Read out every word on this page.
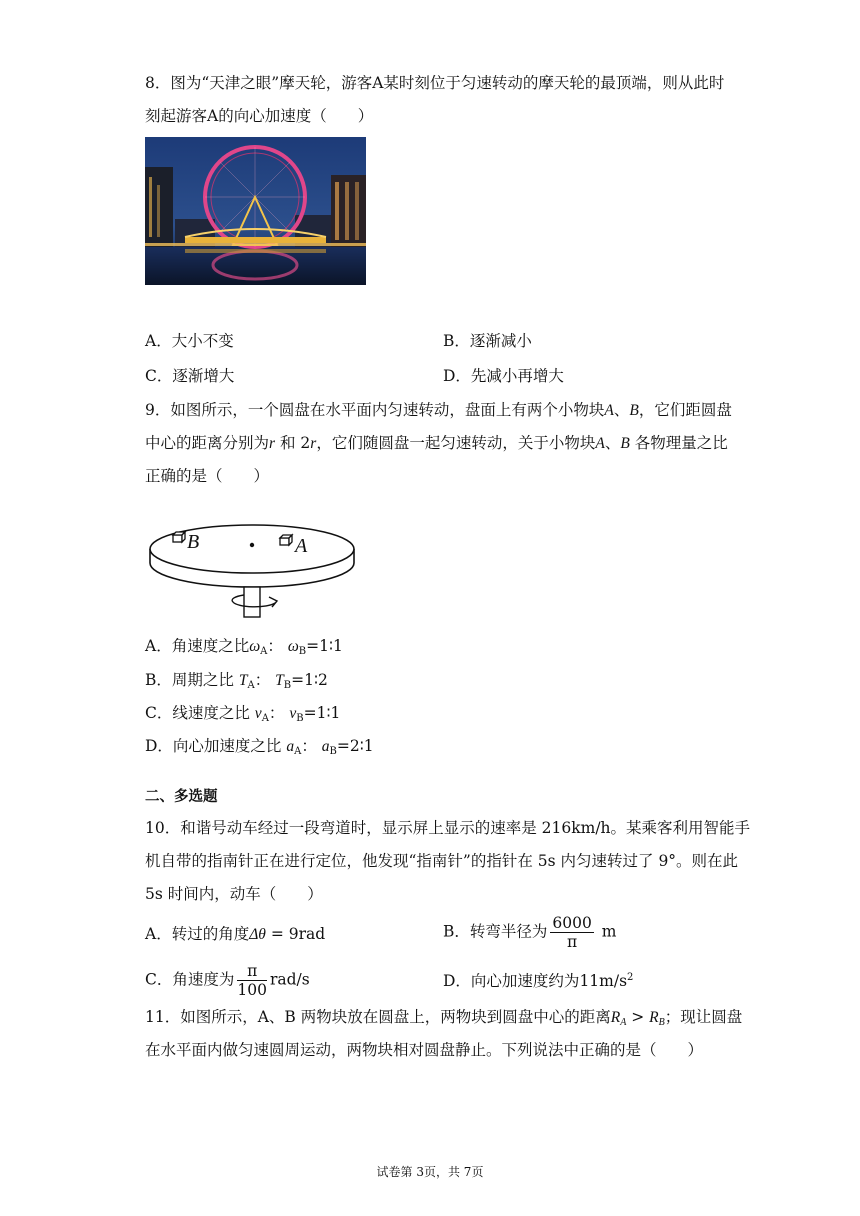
8．图为“天津之眼”摩天轮，游客A某时刻位于匀速转动的摩天轮的最顶端，则从此时
刻起游客A的向心加速度（　　）
A．大小不变	B．逐渐减小
C．逐渐增大	D．先减小再增大
9．如图所示，一个圆盘在水平面内匀速转动，盘面上有两个小物块A、B，它们距圆盘
中心的距离分别为r 和 2r，它们随圆盘一起匀速转动，关于小物块A、B 各物理量之比
正确的是（　　）
B	A
A．角速度之比$\omega_A$： $\omega_B=1∶1$
B．周期之比 $T_A$： $T_B=1∶2$
C．线速度之比 $v_A$： $v_B=1∶1$
D．向心加速度之比 $a_A$： $a_B=2∶1$
二、多选题
10．和谐号动车经过一段弯道时，显示屏上显示的速率是 216km/h。某乘客利用智能手
机自带的指南针正在进行定位，他发现“指南针”的指针在 5s 内匀速转过了 9°。则在此
5s 时间内，动车（　　）
A．转过的角度Δθ = 9rad	B．转弯半径为 $\frac{6000}{\pi}$ m
C．角速度为 $\frac{\pi}{100} rad/s$	D．向心加速度约为$11m/s^2$
11．如图所示，A、B 两物块放在圆盘上，两物块到圆盘中心的距离$R_A > R_B$；现让圆盘
在水平面内做匀速圆周运动，两物块相对圆盘静止。下列说法中正确的是（　　）
试卷第 3页，共 7页
